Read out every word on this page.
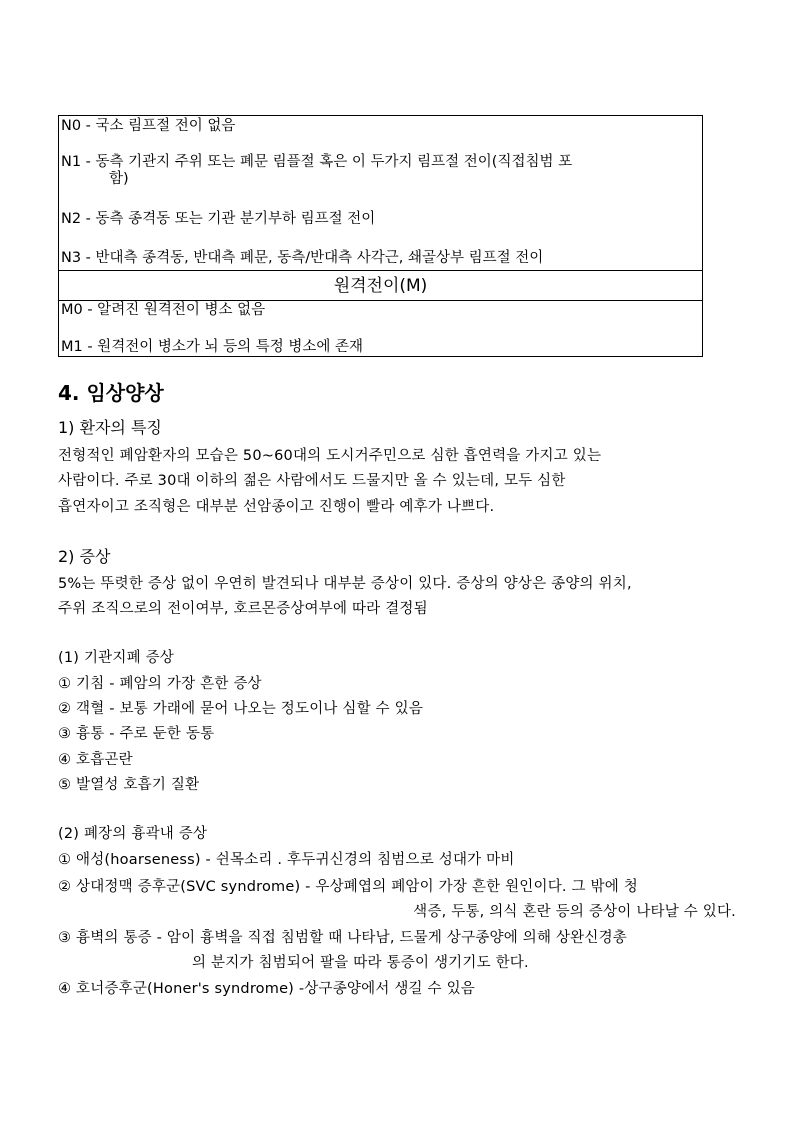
N0 - 국소 림프절 전이 없음
N1 - 동측 기관지 주위 또는 폐문 림플절 혹은 이 두가지 림프절 전이(직접침범 포
함)
N2 - 동측 종격동 또는 기관 분기부하 림프절 전이
N3 - 반대측 종격동, 반대측 폐문, 동측/반대측 사각근, 쇄골상부 림프절 전이
원격전이(M)
M0 - 알려진 원격전이 병소 없음
M1 - 원격전이 병소가 뇌 등의 특정 병소에 존재
4. 임상양상
1) 환자의 특징
전형적인 폐암환자의 모습은 50~60대의 도시거주민으로 심한 흡연력을 가지고 있는
사람이다. 주로 30대 이하의 젊은 사람에서도 드물지만 올 수 있는데, 모두 심한
흡연자이고 조직형은 대부분 선암종이고 진행이 빨라 예후가 나쁘다.
2) 증상
5%는 뚜렷한 증상 없이 우연히 발견되나 대부분 증상이 있다. 증상의 양상은 종양의 위치,
주위 조직으로의 전이여부, 호르몬증상여부에 따라 결정됨
(1) 기관지폐 증상
① 기침 - 폐암의 가장 흔한 증상
② 객혈 - 보통 가래에 묻어 나오는 정도이나 심할 수 있음
③ 흉통 - 주로 둔한 동통
④ 호흡곤란
⑤ 발열성 호흡기 질환
(2) 폐장의 흉곽내 증상
① 애성(hoarseness) - 쉰목소리 . 후두귀신경의 침범으로 성대가 마비
② 상대정맥 증후군(SVC syndrome) - 우상폐엽의 폐암이 가장 흔한 원인이다. 그 밖에 청
색증, 두통, 의식 혼란 등의 증상이 나타날 수 있다.
③ 흉벽의 통증 - 암이 흉벽을 직접 침범할 때 나타남, 드물게 상구종양에 의해 상완신경총
의 분지가 침범되어 팔을 따라 통증이 생기기도 한다.
④ 호너증후군(Honer's syndrome) -상구종양에서 생길 수 있음
